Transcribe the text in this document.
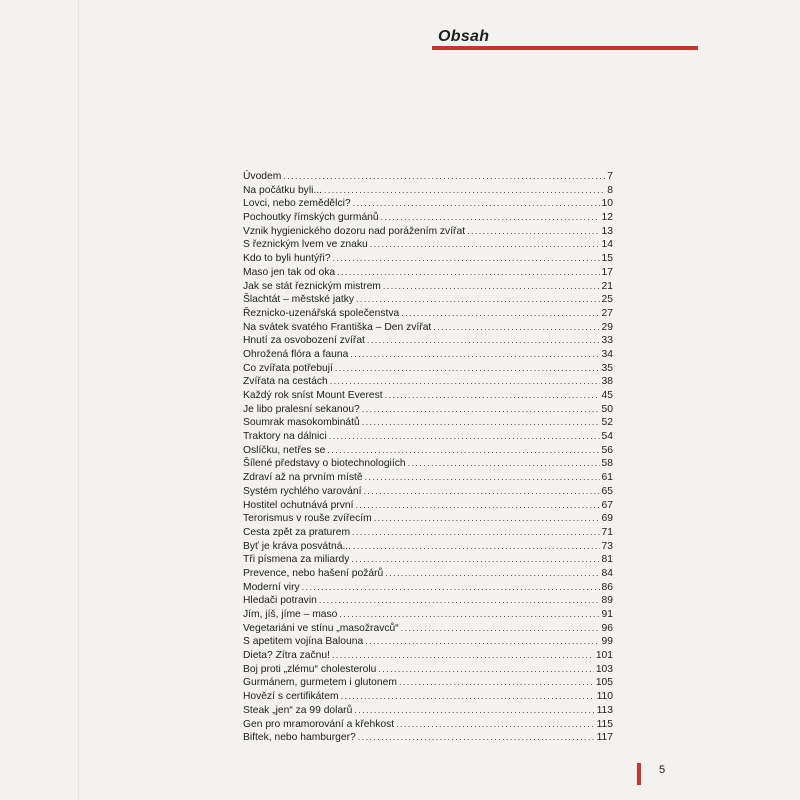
Obsah
Úvodem .....	7
Na počátku byli... .....	8
Lovci, nebo zemědělci? .....	10
Pochoutky římských gurmánů .....	12
Vznik hygienického dozoru nad porážením zvířat .....	13
S řeznickým lvem ve znaku .....	14
Kdo to byli huntýři? .....	15
Maso jen tak od oka .....	17
Jak se stát řeznickým mistrem .....	21
Šlachtát – městské jatky .....	25
Řeznicko-uzenářská společenstva .....	27
Na svátek svatého Františka – Den zvířat .....	29
Hnutí za osvobození zvířat .....	33
Ohrožená flóra a fauna .....	34
Co zvířata potřebují .....	35
Zvířata na cestách .....	38
Každý rok sníst Mount Everest .....	45
Je libo pralesní sekanou? .....	50
Soumrak masokombinátů .....	52
Traktory na dálnici .....	54
Oslíčku, netřes se .....	56
Šílené představy o biotechnologiích .....	58
Zdraví až na prvním místě .....	61
Systém rychlého varování .....	65
Hostitel ochutnává první .....	67
Terorismus v rouše zvířecím .....	69
Cesta zpět za praturem .....	71
Byť je kráva posvátná... .....	73
Tři písmena za miliardy .....	81
Prevence, nebo hašení požárů .....	84
Moderní viry .....	86
Hledači potravin .....	89
Jím, jíš, jíme – maso .....	91
Vegetariáni ve stínu „masožravců“ .....	96
S apetitem vojína Balouna .....	99
Dieta? Zítra začnu! .....	101
Boj proti „zlému“ cholesterolu .....	103
Gurmánem, gurmetem i glutonem .....	105
Hovězí s certifikátem .....	110
Steak „jen“ za 99 dolarů .....	113
Gen pro mramorování a křehkost .....	115
Biftek, nebo hamburger? .....	117
5
